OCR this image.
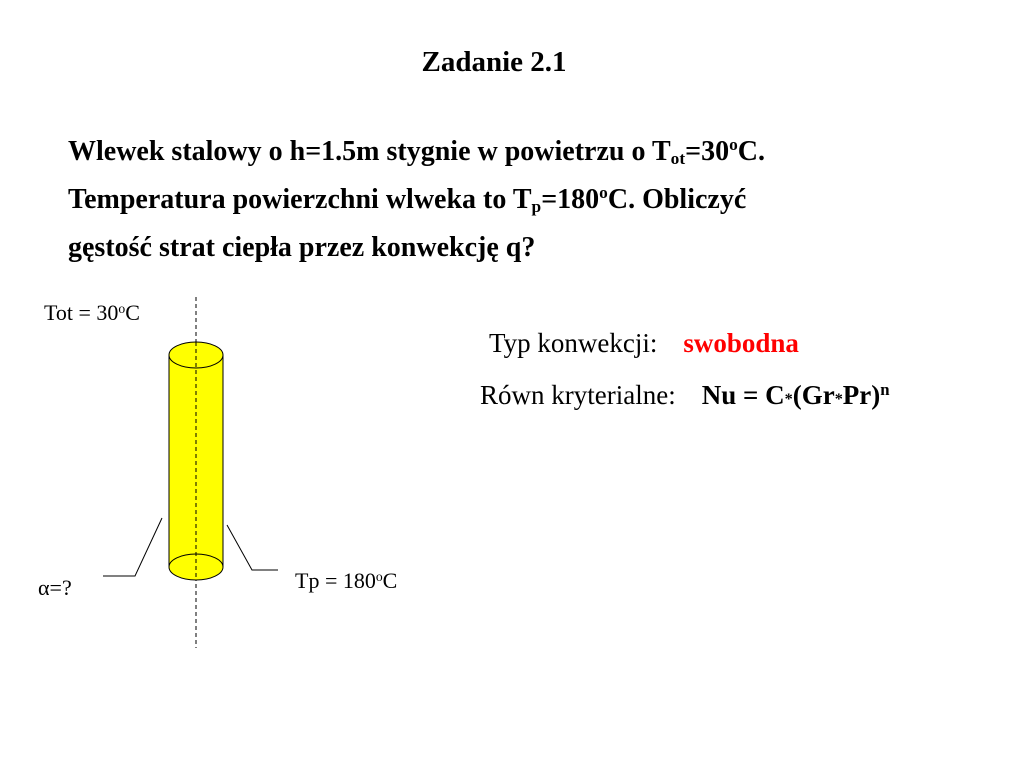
Zadanie 2.1
Wlewek stalowy o h=1.5m stygnie w powietrzu o $T_{ot}=30^oC$.
Temperatura powierzchni wlweka to $T_p=180^oC$. Obliczyć
gęstość strat ciepła przez konwekcję q?
Tot = $30^oC$
α=?	$Tp = 180^oC$
Typ konwekcji: swobodna
Równ kryterialne: $Nu = C*(Gr*Pr)^n$
